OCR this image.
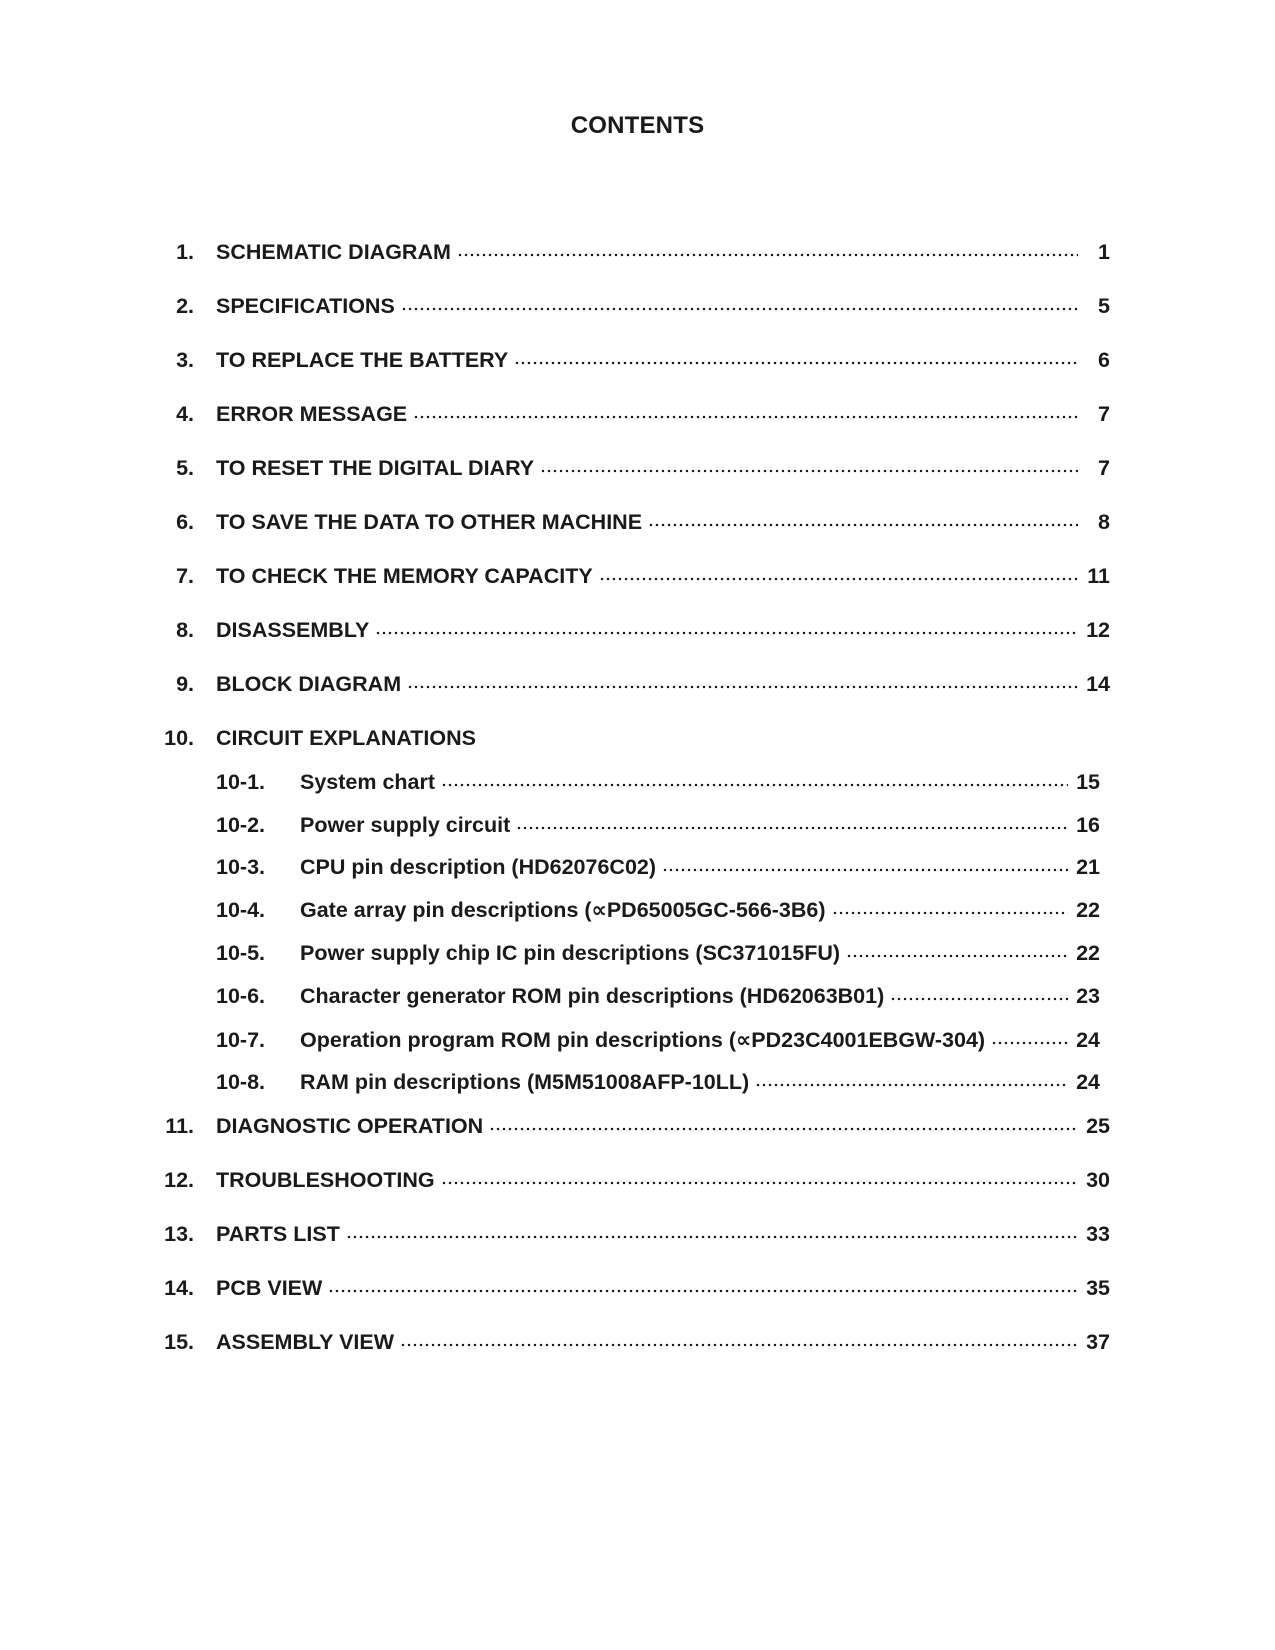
CONTENTS
1. SCHEMATIC DIAGRAM	1
2. SPECIFICATIONS	5
3. TO REPLACE THE BATTERY	6
4. ERROR MESSAGE	7
5. TO RESET THE DIGITAL DIARY	7
6. TO SAVE THE DATA TO OTHER MACHINE	8
7. TO CHECK THE MEMORY CAPACITY	11
8. DISASSEMBLY	12
9. BLOCK DIAGRAM	14
10. CIRCUIT EXPLANATIONS
10-1. System chart	15
10-2. Power supply circuit	16
10-3. CPU pin description (HD62076C02)	21
10-4. Gate array pin descriptions (∝PD65005GC-566-3B6)	22
10-5. Power supply chip IC pin descriptions (SC371015FU)	22
10-6. Character generator ROM pin descriptions (HD62063B01)	23
10-7. Operation program ROM pin descriptions (∝PD23C4001EBGW-304)	24
10-8. RAM pin descriptions (M5M51008AFP-10LL)	24
11. DIAGNOSTIC OPERATION	25
12. TROUBLESHOOTING	30
13. PARTS LIST	33
14. PCB VIEW	35
15. ASSEMBLY VIEW	37
